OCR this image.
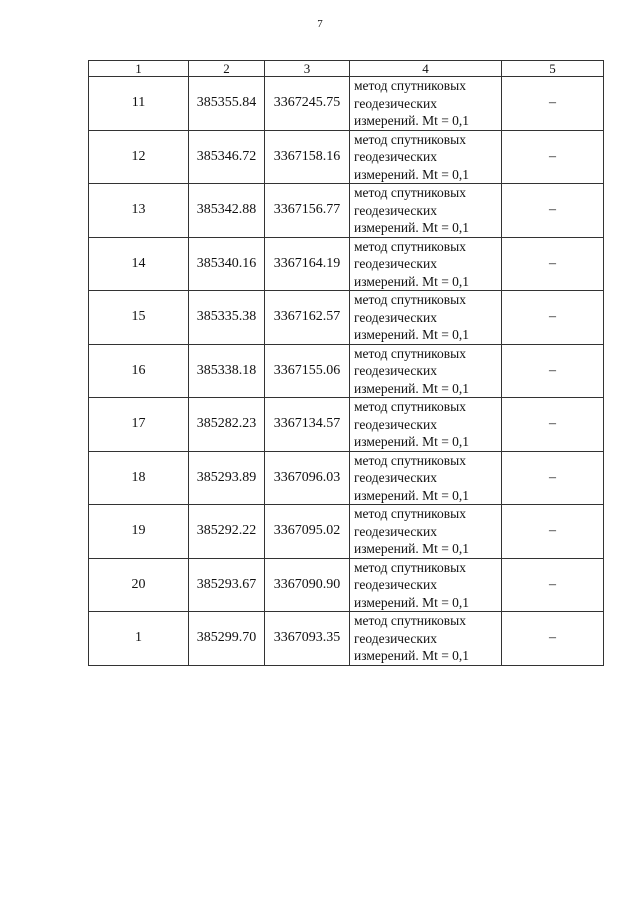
7
1	2	3	4	5
11	385355.84	3367245.75	метод спутниковых
геодезических
измерений. Mt = 0,1	–
12	385346.72	3367158.16	метод спутниковых
геодезических
измерений. Mt = 0,1	–
13	385342.88	3367156.77	метод спутниковых
геодезических
измерений. Mt = 0,1	–
14	385340.16	3367164.19	метод спутниковых
геодезических
измерений. Mt = 0,1	–
15	385335.38	3367162.57	метод спутниковых
геодезических
измерений. Mt = 0,1	–
16	385338.18	3367155.06	метод спутниковых
геодезических
измерений. Mt = 0,1	–
17	385282.23	3367134.57	метод спутниковых
геодезических
измерений. Mt = 0,1	–
18	385293.89	3367096.03	метод спутниковых
геодезических
измерений. Mt = 0,1	–
19	385292.22	3367095.02	метод спутниковых
геодезических
измерений. Mt = 0,1	–
20	385293.67	3367090.90	метод спутниковых
геодезических
измерений. Mt = 0,1	–
1	385299.70	3367093.35	метод спутниковых
геодезических
измерений. Mt = 0,1	–
